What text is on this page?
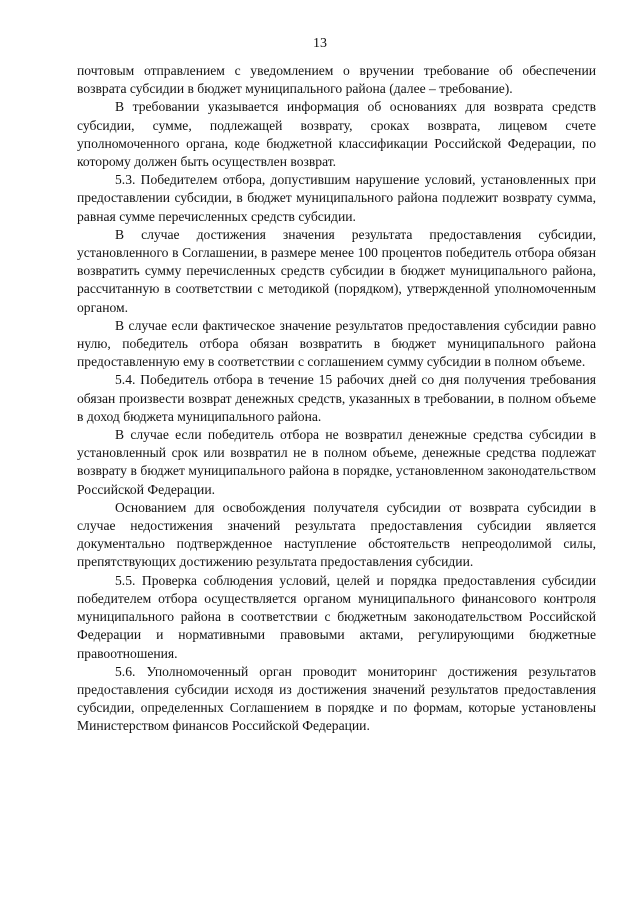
13

почтовым отправлением с уведомлением о вручении требование об обеспечении возврата субсидии в бюджет муниципального района (далее – требование).

В требовании указывается информация об основаниях для возврата средств субсидии, сумме, подлежащей возврату, сроках возврата, лицевом счете уполномоченного органа, коде бюджетной классификации Российской Федерации, по которому должен быть осуществлен возврат.

5.3. Победителем отбора, допустившим нарушение условий, установленных при предоставлении субсидии, в бюджет муниципального района подлежит возврату сумма, равная сумме перечисленных средств субсидии.

В случае достижения значения результата предоставления субсидии, установленного в Соглашении, в размере менее 100 процентов победитель отбора обязан возвратить сумму перечисленных средств субсидии в бюджет муниципального района, рассчитанную в соответствии с методикой (порядком), утвержденной уполномоченным органом.

В случае если фактическое значение результатов предоставления субсидии равно нулю, победитель отбора обязан возвратить в бюджет муниципального района предоставленную ему в соответствии с соглашением сумму субсидии в полном объеме.

5.4. Победитель отбора в течение 15 рабочих дней со дня получения требования обязан произвести возврат денежных средств, указанных в требовании, в полном объеме в доход бюджета муниципального района.

В случае если победитель отбора не возвратил денежные средства субсидии в установленный срок или возвратил не в полном объеме, денежные средства подлежат возврату в бюджет муниципального района в порядке, установленном законодательством Российской Федерации.

Основанием для освобождения получателя субсидии от возврата субсидии в случае недостижения значений результата предоставления субсидии является документально подтвержденное наступление обстоятельств непреодолимой силы, препятствующих достижению результата предоставления субсидии.

5.5. Проверка соблюдения условий, целей и порядка предоставления субсидии победителем отбора осуществляется органом муниципального финансового контроля муниципального района в соответствии с бюджетным законодательством Российской Федерации и нормативными правовыми актами, регулирующими бюджетные правоотношения.

5.6. Уполномоченный орган проводит мониторинг достижения результатов предоставления субсидии исходя из достижения значений результатов предоставления субсидии, определенных Соглашением в порядке и по формам, которые установлены Министерством финансов Российской Федерации.
